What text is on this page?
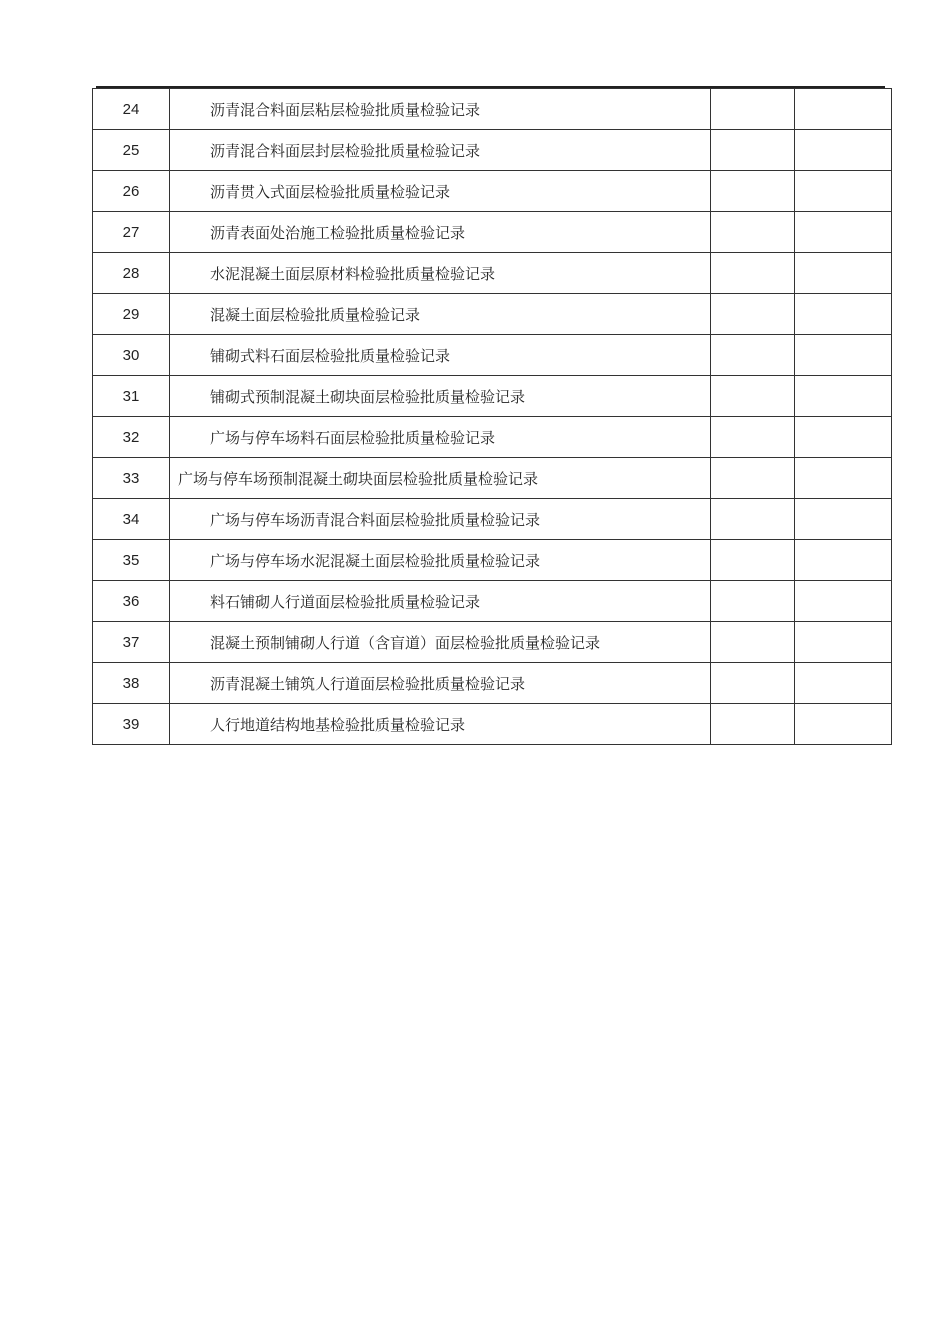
24	沥青混合料面层粘层检验批质量检验记录		
25	沥青混合料面层封层检验批质量检验记录		
26	沥青贯入式面层检验批质量检验记录		
27	沥青表面处治施工检验批质量检验记录		
28	水泥混凝土面层原材料检验批质量检验记录		
29	混凝土面层检验批质量检验记录		
30	铺砌式料石面层检验批质量检验记录		
31	铺砌式预制混凝土砌块面层检验批质量检验记录		
32	广场与停车场料石面层检验批质量检验记录		
33	广场与停车场预制混凝土砌块面层检验批质量检验记录		
34	广场与停车场沥青混合料面层检验批质量检验记录		
35	广场与停车场水泥混凝土面层检验批质量检验记录		
36	料石铺砌人行道面层检验批质量检验记录		
37	混凝土预制铺砌人行道（含盲道）面层检验批质量检验记录		
38	沥青混凝土铺筑人行道面层检验批质量检验记录		
39	人行地道结构地基检验批质量检验记录		
